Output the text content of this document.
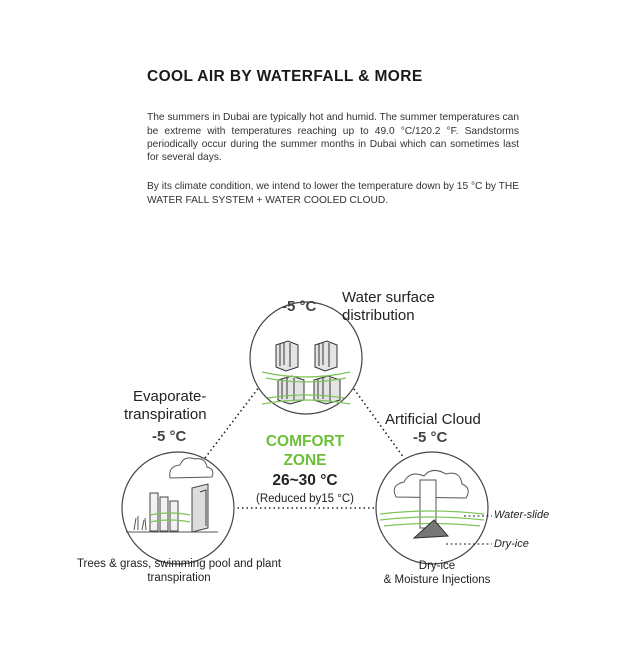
COOL AIR BY WATERFALL & MORE

The summers in Dubai are typically hot and humid. The summer temperatures can be extreme with temperatures reaching up to 49.0 °C/120.2 °F. Sandstorms periodically occur during the summer months in Dubai which can sometimes last for several days.

By its climate condition, we intend to lower the temperature down by 15 °C by THE WATER FALL SYSTEM + WATER COOLED CLOUD.

-5 °C
Water surface
distribution
Evaporate-
transpiration
-5 °C
Trees & grass, swimming pool and plant
transpiration
Artificial Cloud
-5 °C
Dry-ice
& Moisture Injections
Water-slide
Dry-ice
COMFORT
ZONE
26~30 °C
(Reduced by15 °C)
